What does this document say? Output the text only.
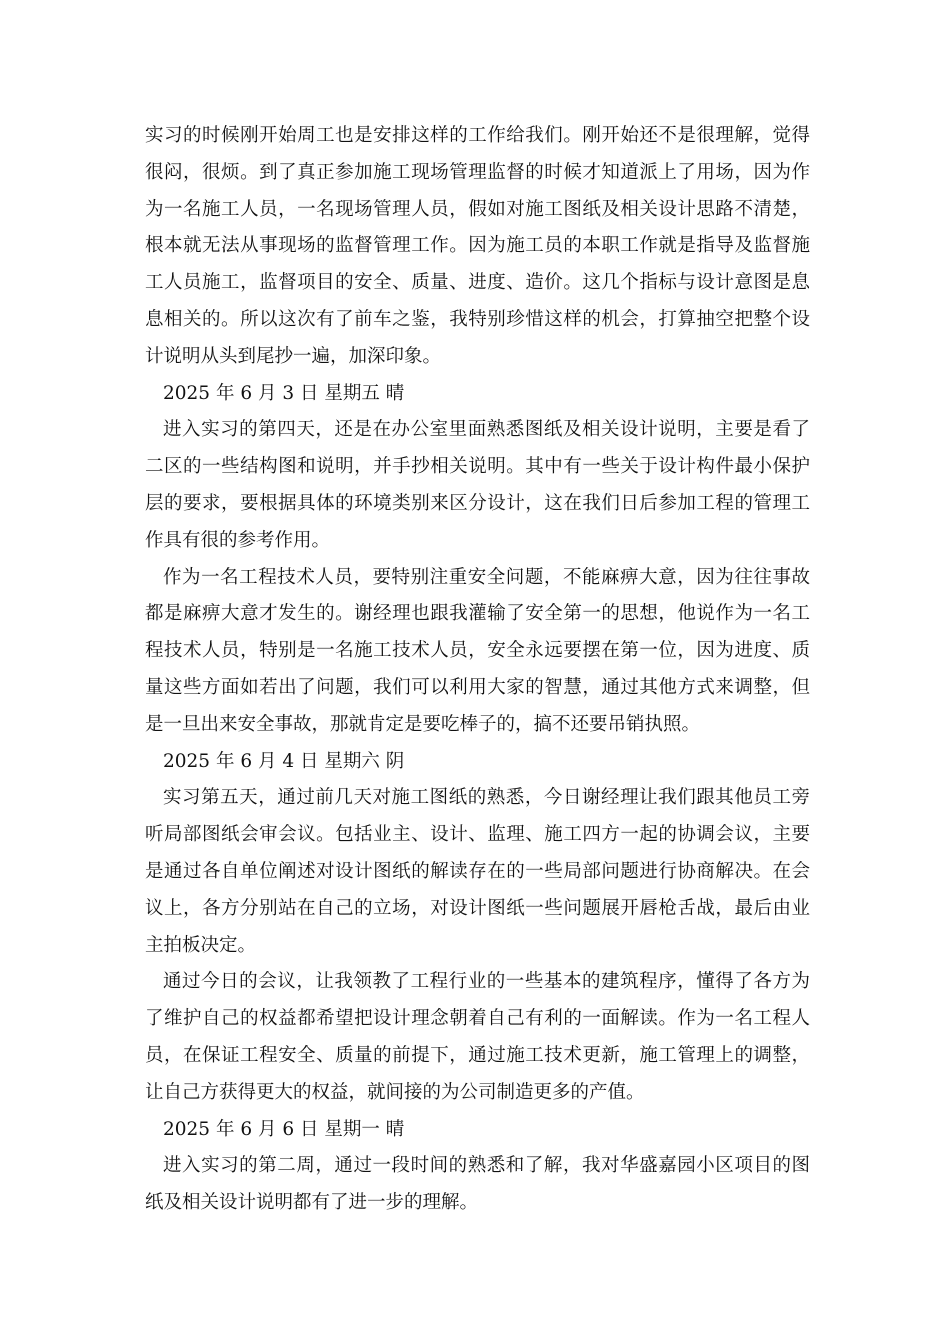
实习的时候刚开始周工也是安排这样的工作给我们。刚开始还不是很理解，觉得很闷，很烦。到了真正参加施工现场管理监督的时候才知道派上了用场，因为作为一名施工人员，一名现场管理人员，假如对施工图纸及相关设计思路不清楚，根本就无法从事现场的监督管理工作。因为施工员的本职工作就是指导及监督施工人员施工，监督项目的安全、质量、进度、造价。这几个指标与设计意图是息息相关的。所以这次有了前车之鉴，我特别珍惜这样的机会，打算抽空把整个设计说明从头到尾抄一遍，加深印象。

2025 年 6 月 3 日 星期五 晴

进入实习的第四天，还是在办公室里面熟悉图纸及相关设计说明，主要是看了二区的一些结构图和说明，并手抄相关说明。其中有一些关于设计构件最小保护层的要求，要根据具体的环境类别来区分设计，这在我们日后参加工程的管理工作具有很的参考作用。

作为一名工程技术人员，要特别注重安全问题，不能麻痹大意，因为往往事故都是麻痹大意才发生的。谢经理也跟我灌输了安全第一的思想，他说作为一名工程技术人员，特别是一名施工技术人员，安全永远要摆在第一位，因为进度、质量这些方面如若出了问题，我们可以利用大家的智慧，通过其他方式来调整，但是一旦出来安全事故，那就肯定是要吃棒子的，搞不还要吊销执照。

2025 年 6 月 4 日 星期六 阴

实习第五天，通过前几天对施工图纸的熟悉，今日谢经理让我们跟其他员工旁听局部图纸会审会议。包括业主、设计、监理、施工四方一起的协调会议，主要是通过各自单位阐述对设计图纸的解读存在的一些局部问题进行协商解决。在会议上，各方分别站在自己的立场，对设计图纸一些问题展开唇枪舌战，最后由业主拍板决定。

通过今日的会议，让我领教了工程行业的一些基本的建筑程序，懂得了各方为了维护自己的权益都希望把设计理念朝着自己有利的一面解读。作为一名工程人员，在保证工程安全、质量的前提下，通过施工技术更新，施工管理上的调整，让自己方获得更大的权益，就间接的为公司制造更多的产值。

2025 年 6 月 6 日 星期一 晴

进入实习的第二周，通过一段时间的熟悉和了解，我对华盛嘉园小区项目的图纸及相关设计说明都有了进一步的理解。
